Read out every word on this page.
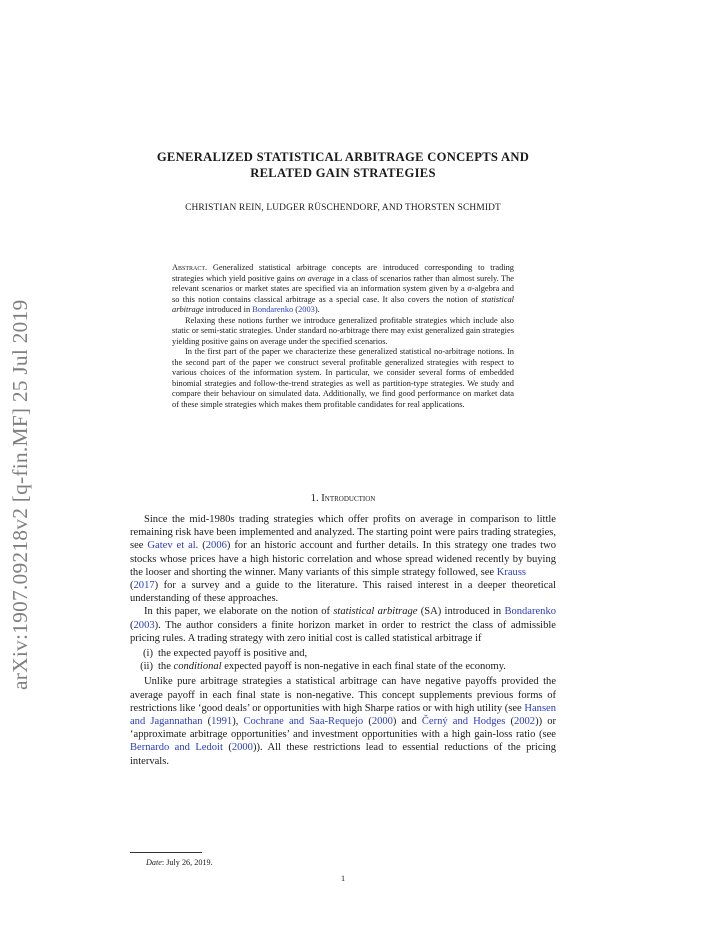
arXiv:1907.09218v2 [q-fin.MF] 25 Jul 2019
GENERALIZED STATISTICAL ARBITRAGE CONCEPTS AND
RELATED GAIN STRATEGIES
CHRISTIAN REIN, LUDGER RÜSCHENDORF, AND THORSTEN SCHMIDT

Abstract. Generalized statistical arbitrage concepts are introduced corresponding to trading strategies which yield positive gains on average in a class of scenarios rather than almost surely. The relevant scenarios or market states are specified via an information system given by a σ-algebra and so this notion contains classical arbitrage as a special case. It also covers the notion of statistical arbitrage introduced in Bondarenko (2003).

Relaxing these notions further we introduce generalized profitable strategies which include also static or semi-static strategies. Under standard no-arbitrage there may exist generalized gain strategies yielding positive gains on average under the specified scenarios.

In the first part of the paper we characterize these generalized statistical no-arbitrage notions. In the second part of the paper we construct several profitable generalized strategies with respect to various choices of the information system. In particular, we consider several forms of embedded binomial strategies and follow-the-trend strategies as well as partition-type strategies. We study and compare their behaviour on simulated data. Additionally, we find good performance on market data of these simple strategies which makes them profitable candidates for real applications.

1. Introduction

Since the mid-1980s trading strategies which offer profits on average in comparison to little remaining risk have been implemented and analyzed. The starting point were pairs trading strategies, see Gatev et al. (2006) for an historic account and further details. In this strategy one trades two stocks whose prices have a high historic correlation and whose spread widened recently by buying the looser and shorting the winner. Many variants of this simple strategy followed, see Krauss
(2017) for a survey and a guide to the literature. This raised interest in a deeper theoretical understanding of these approaches.

In this paper, we elaborate on the notion of statistical arbitrage (SA) introduced in Bondarenko (2003). The author considers a finite horizon market in order to restrict the class of admissible pricing rules. A trading strategy with zero initial cost is called statistical arbitrage if

(i) the expected payoff is positive and,
(ii) the conditional expected payoff is non-negative in each final state of the economy.

Unlike pure arbitrage strategies a statistical arbitrage can have negative payoffs provided the average payoff in each final state is non-negative. This concept supplements previous forms of restrictions like ‘good deals’ or opportunities with high Sharpe ratios or with high utility (see Hansen and Jagannathan (1991), Cochrane and Saa-Requejo (2000) and Černý and Hodges (2002)) or ‘approximate arbitrage opportunities’ and investment opportunities with a high gain-loss ratio (see Bernardo and Ledoit (2000)). All these restrictions lead to essential reductions of the pricing intervals.

Date: July 26, 2019.
1
